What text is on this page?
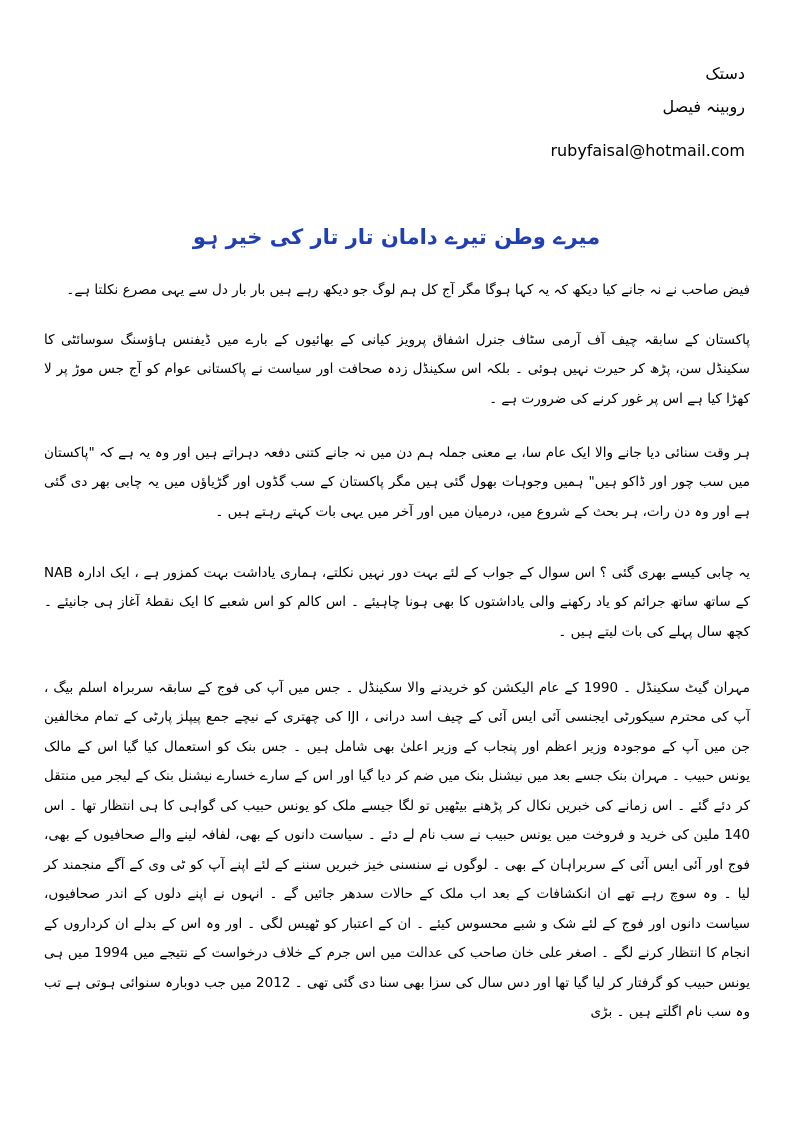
دستک
روبینہ فیصل
rubyfaisal@hotmail.com
میرے وطن تیرے دامان تار تار کی خیر ہو

فیض صاحب نے نہ جانے کیا دیکھ کہ یہ کہا ہوگا مگر آج کل ہم لوگ جو دیکھ رہے ہیں بار بار دل سے یہی مصرع نکلتا ہے۔

پاکستان کے سابقہ چیف آف آرمی سٹاف جنرل اشفاق پرویز کیانی کے بھائیوں کے بارے میں ڈیفنس ہاؤسنگ سوسائٹی کا سکینڈل سن، پڑھ کر حیرت نہیں ہوئی ۔ بلکہ اس سکینڈل زدہ صحافت اور سیاست نے پاکستانی عوام کو آج جس موڑ پر لا کھڑا کیا ہے اس پر غور کرنے کی ضرورت ہے ۔

ہر وقت سنائی دیا جانے والا ایک عام سا، بے معنی جملہ ہم دن میں نہ جانے کتنی دفعہ دہراتے ہیں اور وہ یہ ہے کہ "پاکستان میں سب چور اور ڈاکو ہیں" ہمیں وجوہات بھول گئی ہیں مگر پاکستان کے سب گڈوں اور گڑیاؤں میں یہ چابی بھر دی گئی ہے اور وہ دن رات، ہر بحث کے شروع میں، درمیان میں اور آخر میں یہی بات کہتے رہتے ہیں ۔

یہ چابی کیسے بھری گئی ؟ اس سوال کے جواب کے لئے بہت دور نہیں نکلتے، ہماری یاداشت بہت کمزور ہے ، ایک ادارہ NAB کے ساتھ ساتھ جرائم کو یاد رکھنے والی یاداشتوں کا بھی ہونا چاہیئے ۔ اس کالم کو اس شعبے کا ایک نقطۂ آغاز ہی جانیئے ۔ کچھ سال پہلے کی بات لیتے ہیں ۔

مہران گیٹ سکینڈل ۔ 1990 کے عام الیکشن کو خریدنے والا سکینڈل ۔ جس میں آپ کی فوج کے سابقہ سربراہ اسلم بیگ ، آپ کی محترم سیکورٹی ایجنسی آئی ایس آئی کے چیف اسد درانی ، IJI کی چھتری کے نیچے جمع پیپلز پارٹی کے تمام مخالفین جن میں آپ کے موجودہ وزیر اعظم اور پنجاب کے وزیر اعلیٰ بھی شامل ہیں ۔ جس بنک کو استعمال کیا گیا اس کے مالک یونس حبیب ۔ مہران بنک جسے بعد میں نیشنل بنک میں ضم کر دیا گیا اور اس کے سارے خسارے نیشنل بنک کے لیجر میں منتقل کر دئے گئے ۔ اس زمانے کی خبریں نکال کر پڑھنے بیٹھیں تو لگا جیسے ملک کو یونس حبیب کی گواہی کا ہی انتظار تھا ۔ اس 140 ملین کی خرید و فروخت میں یونس حبیب نے سب نام لے دئے ۔ سیاست دانوں کے بھی، لفافہ لینے والے صحافیوں کے بھی، فوج اور آئی ایس آئی کے سربراہان کے بھی ۔ لوگوں نے سنسنی خیز خبریں سننے کے لئے اپنے آپ کو ٹی وی کے آگے منجمند کر لیا ۔ وہ سوچ رہے تھے ان انکشافات کے بعد اب ملک کے حالات سدھر جائیں گے ۔ انہوں نے اپنے دلوں کے اندر صحافیوں، سیاست دانوں اور فوج کے لئے شک و شبے محسوس کیئے ۔ ان کے اعتبار کو ٹھیس لگی ۔ اور وہ اس کے بدلے ان کرداروں کے انجام کا انتظار کرنے لگے ۔ اصغر علی خان صاحب کی عدالت میں اس جرم کے خلاف درخواست کے نتیجے میں 1994 میں ہی یونس حبیب کو گرفتار کر لیا گیا تھا اور دس سال کی سزا بھی سنا دی گئی تھی ۔ 2012 میں جب دوبارہ سنوائی ہوتی ہے تب وہ سب نام اگلتے ہیں ۔ بڑی
